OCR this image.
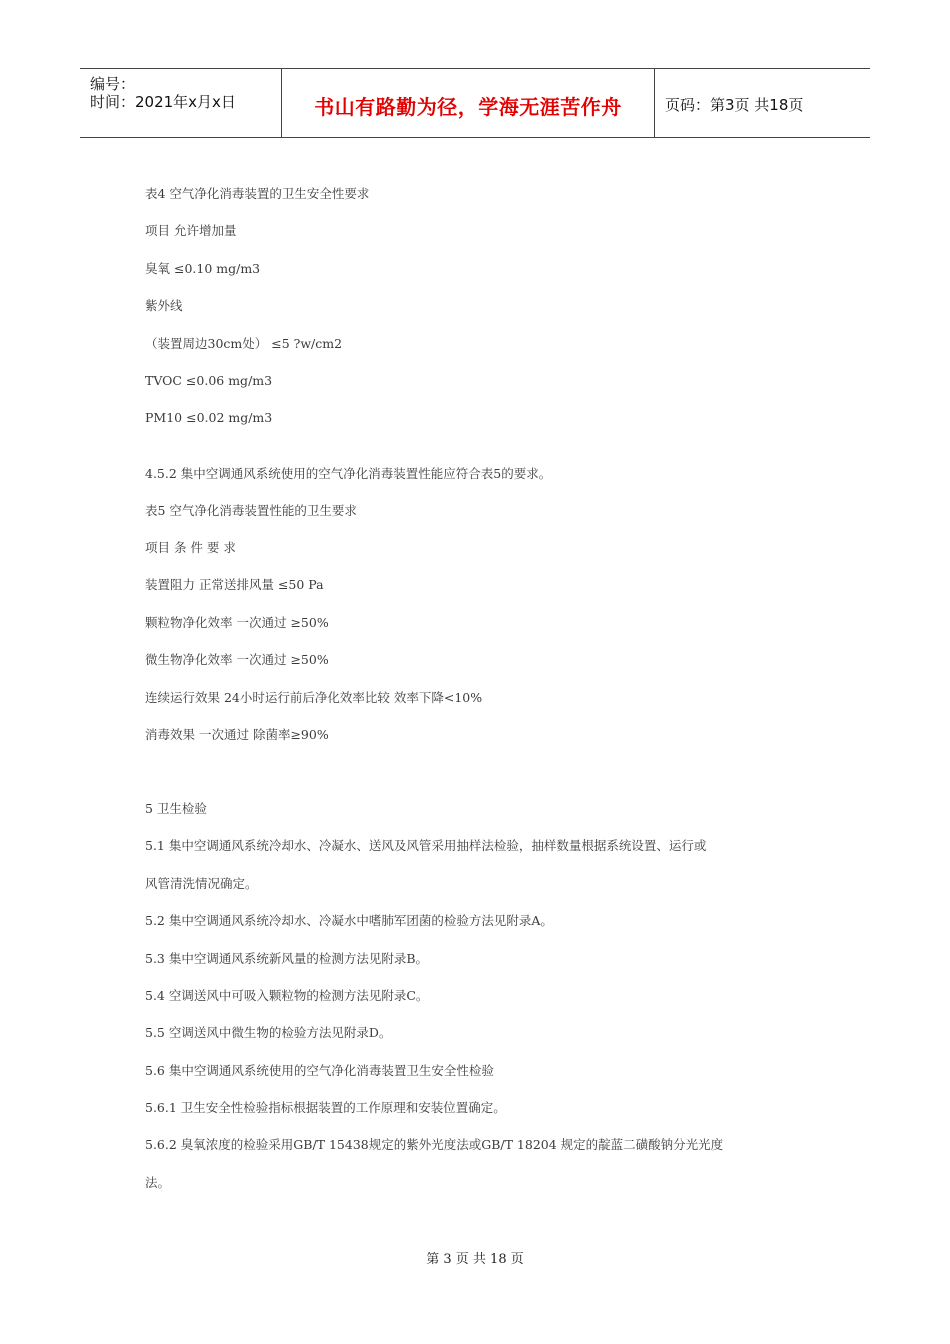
编号：
时间：2021年x月x日	书山有路勤为径，学海无涯苦作舟	页码：第3页 共18页
表4 空气净化消毒装置的卫生安全性要求
项目 允许增加量
臭氧 ≤0.10 mg/m3
紫外线
（装置周边30cm处） ≤5 ?w/cm2
TVOC ≤0.06 mg/m3
PM10 ≤0.02 mg/m3
4.5.2 集中空调通风系统使用的空气净化消毒装置性能应符合表5的要求。
表5 空气净化消毒装置性能的卫生要求
项目 条 件 要 求
装置阻力 正常送排风量 ≤50 Pa
颗粒物净化效率 一次通过 ≥50%
微生物净化效率 一次通过 ≥50%
连续运行效果 24小时运行前后净化效率比较 效率下降<10%
消毒效果 一次通过 除菌率≥90%
5 卫生检验
5.1 集中空调通风系统冷却水、冷凝水、送风及风管采用抽样法检验，抽样数量根据系统设置、运行或
风管清洗情况确定。
5.2 集中空调通风系统冷却水、冷凝水中嗜肺军团菌的检验方法见附录A。
5.3 集中空调通风系统新风量的检测方法见附录B。
5.4 空调送风中可吸入颗粒物的检测方法见附录C。
5.5 空调送风中微生物的检验方法见附录D。
5.6 集中空调通风系统使用的空气净化消毒装置卫生安全性检验
5.6.1 卫生安全性检验指标根据装置的工作原理和安装位置确定。
5.6.2 臭氧浓度的检验采用GB/T 15438规定的紫外光度法或GB/T 18204 规定的靛蓝二磺酸钠分光光度
法。
第 3 页 共 18 页
